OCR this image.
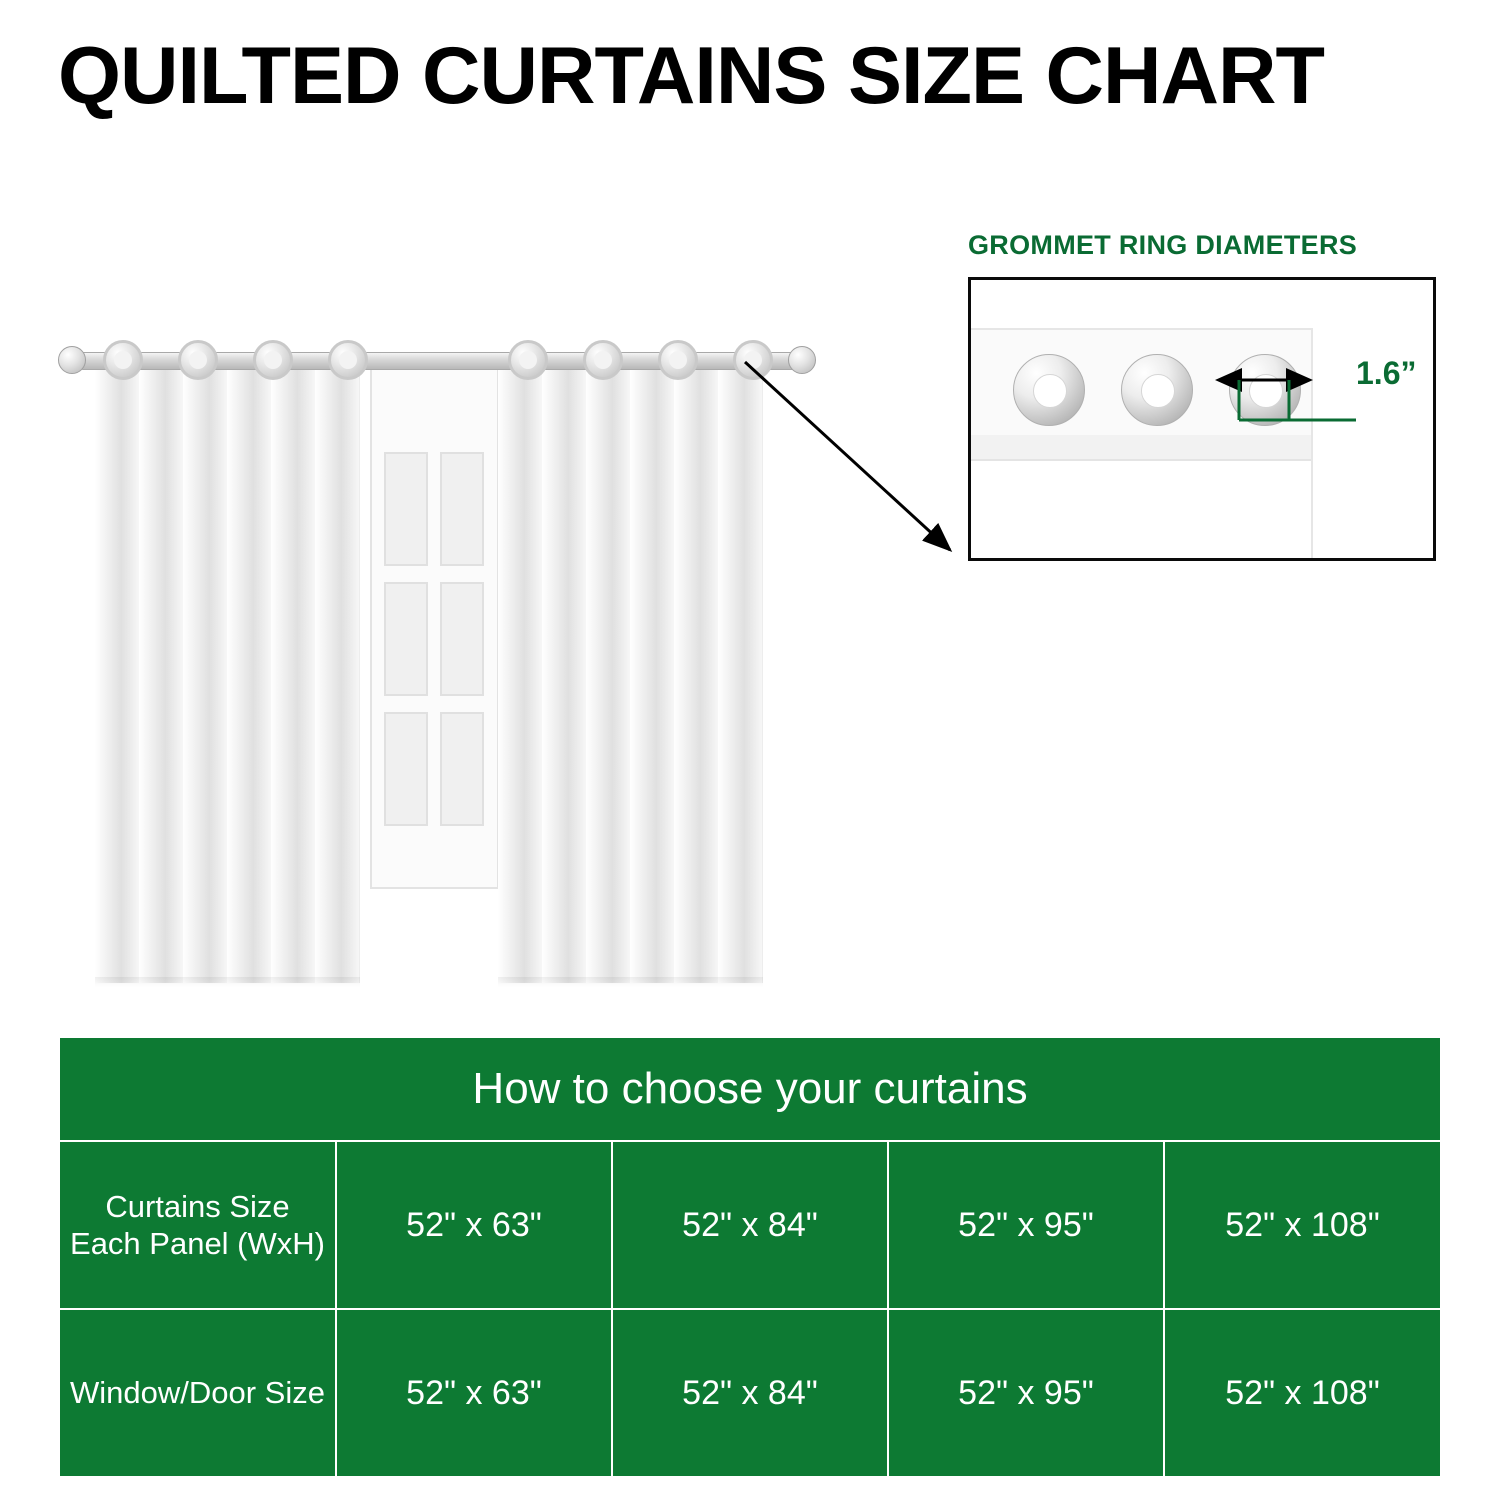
QUILTED CURTAINS SIZE CHART
GROMMET RING DIAMETERS
1.6”
How to choose your curtains				
Curtains Size Each Panel (WxH)	52" x 63"	52" x 84"	52" x 95"	52" x 108"
Window/Door Size	52" x 63"	52" x 84"	52" x 95"	52" x 108"
